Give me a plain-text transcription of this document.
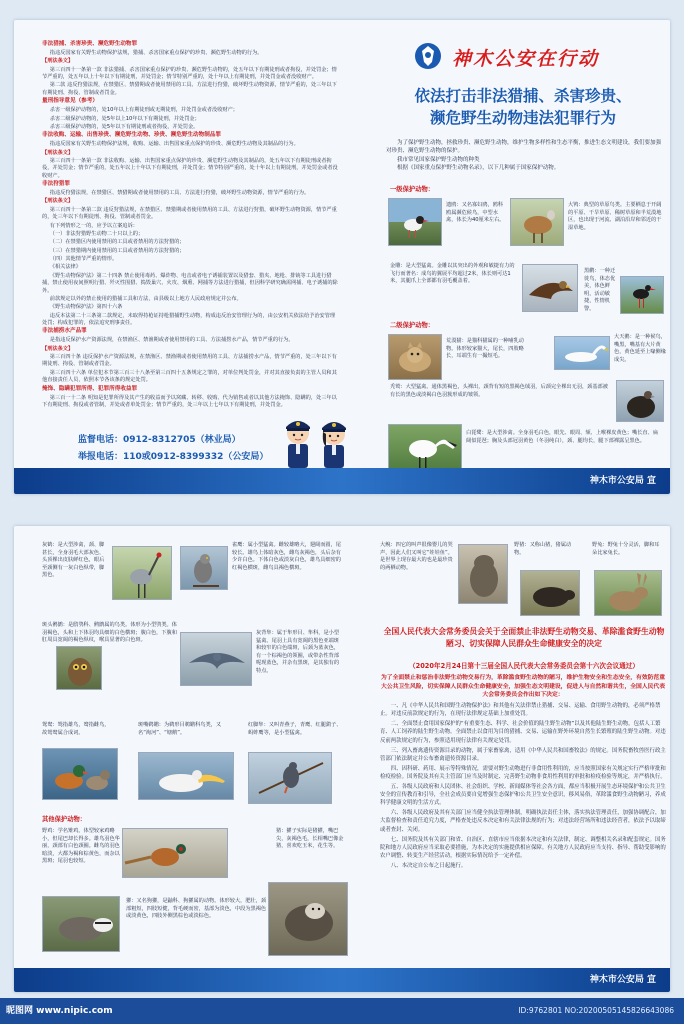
非法猎捕、杀害珍贵、濒危野生动物罪

指违反国家有关野生动物保护法规，猎捕、杀害国家重点保护的珍贵、濒危野生动物的行为。

【刑法条文】

第三百四十一条第一款 非法猎捕、杀害国家重点保护的珍贵、濒危野生动物的，处五年以下有期徒刑或者拘役，并处罚金；情节严重的，处五年以上十年以下有期徒刑，并处罚金；情节特别严重的，处十年以上有期徒刑，并处罚金或者没收财产。

第二款 违反狩猎法规，在禁猎区、禁猎期或者使用禁用的工具、方法进行狩猎，破坏野生动物资源，情节严重的，处三年以下有期徒刑、拘役、管制或者罚金。

量刑指导意见（参考）

杀害一级保护动物的，处10年以上有期徒刑或无期徒刑，并处罚金或者没收财产；

杀害二级保护动物的，处5年以上10年以下有期徒刑，并处罚金；

杀害三级保护动物的，处5年以下有期徒刑或者拘役，并处罚金。

非法收购、运输、出售珍贵、濒危野生动物、珍贵、濒危野生动物制品罪

指违反国家有关野生动物保护法规，收购、运输、出售国家重点保护的珍贵、濒危野生动物及其制品的行为。

【刑法条文】

第三百四十一条第一款 非法收购、运输、出售国家重点保护的珍贵、濒危野生动物及其制品的，处五年以下有期徒刑或者拘役，并处罚金；情节严重的，处五年以上十年以下有期徒刑，并处罚金；情节特别严重的，处十年以上有期徒刑，并处罚金或者没收财产。

非法狩猎罪

指违反狩猎法规，在禁猎区、禁猎期或者使用禁用的工具、方法进行狩猎，破坏野生动物资源，情节严重的行为。

【刑法条文】

第三百四十一条第二款 违反狩猎法规，在禁猎区、禁猎期或者使用禁用的工具、方法进行狩猎，破坏野生动物资源，情节严重的，处三年以下有期徒刑、拘役、管制或者罚金。

有下列情形之一的，应予以立案追诉：

（一）非法狩猎野生动物二十只以上的；

（二）在禁猎区内使用禁用的工具或者禁用的方法狩猎的；

（三）在禁猎期内使用禁用的工具或者禁用的方法狩猎的；

（四）其他情节严重的情形。

《相关法律》

《野生动物保护法》第二十四条 禁止使用毒药、爆炸物、电击或者电子诱捕装置以及猎套、猎夹、地枪、排铳等工具进行猎捕，禁止使用夜间照明行猎、歼灭性围猎、捣毁巢穴、火攻、烟熏、网捕等方法进行猎捕，但因科学研究确需网捕、电子诱捕的除外。

前款规定以外的禁止使用的猎捕工具和方法，由县级以上地方人民政府规定并公布。

《野生动物保护法》第四十六条

违反本法第二十三条第二款规定，未取得持枪证持枪猎捕野生动物，构成违反治安管理行为的，由公安机关依法给予治安管理处罚；构成犯罪的，依法追究刑事责任。

非法捕捞水产品罪

是指违反保护水产资源法规，在禁渔区、禁渔期或者使用禁用的工具、方法捕捞水产品，情节严重的行为。

【刑法条文】

第三百四十条 违反保护水产资源法规，在禁渔区、禁渔期或者使用禁用的工具、方法捕捞水产品，情节严重的，处三年以下有期徒刑、拘役、管制或者罚金。

第三百四十六条 单位犯本节第三百三十八条至第三百四十五条规定之罪的，对单位判处罚金，并对其直接负责的主管人员和其他直接责任人员，依照本节各该条的规定处罚。

掩饰、隐瞒犯罪所得、犯罪所得收益罪

第三百一十二条 明知是犯罪所得及其产生的收益而予以窝藏、转移、收购、代为销售或者以其他方法掩饰、隐瞒的，处三年以下有期徒刑、拘役或者管制，并处或者单处罚金；情节严重的，处三年以上七年以下有期徒刑，并处罚金。

监督电话：0912-8312705（林业局）
举报电话：110或0912-8399332（公安局）
神木公安在行动
依法打击非法猎捕、杀害珍贵、
濒危野生动物违法犯罪行为

为了保护野生动物，拯救珍贵、濒危野生动物，维护生物多样性和生态平衡，推进生态文明建设，我们要加强对珍贵、濒危野生动物的保护。

我市常见国家保护野生动物的种类

根据《国家重点保护野生动物名录》，以下几种属于国家保护动物。

一级保护动物：
遗鸥：又名寡妇鸥，鸥科鸥属濒危候鸟，中型水禽，体长为40厘米左右。
大鸨：典型的草原鸟类。主要栖息于开阔的平原、干旱草原、稀树草原和半荒漠地区，也出现于河流、湖泊沿岸和邻近的干湿草地。
金雕：是大型猛禽。金雕以其突出的外观和敏捷有力的飞行而著名：成鸟的翼展平均超过2米，体长则可达1米，其腿爪上全部都有羽毛覆盖着。
黑鹳：一种迁徙鸟，体态优美，体色鲜明，活动敏捷，性情机警。
二级保护动物：
荒漠猫：是猫科猫属的一种哺乳动物。体形较家猫大，尾长，四肢略长，耳端生有一撮短毛。
大天鹅：是一种候鸟，嘴黑，嘴基有大片黄色，黄色延至上喙侧缘成尖。
秃鹫：大型猛禽。通体黑褐色，头裸出，颈背有短的黑褐色绒羽，后颈完全裸出无羽，颈基部被有长的黑色或淡褐白色羽簇形成的皱领。
白琵鹭：是大型涉禽。全身羽毛白色，眼先、眼周、颏、上喉裸皮黄色；嘴长直、扁阔似琵琶；胸及头部冠羽黄色（冬羽纯白），颈、腿均长，腿下部裸露呈黑色。
神木市公安局 宣
灰鹤：是大型涉禽，颈、脚甚长，全身羽毛大部灰色，头顶裸出皮肤鲜红色，眼后至颈侧有一灰白色纵带，脚黑色。
雀鹰：属小型猛禽。雌较雄略大，翅阔而圆，尾较长。雄鸟上体暗灰色，雌鸟灰褐色，头后杂有少许白色。下体白色或淡灰白色，雄鸟具细密的红褐色横斑，雌鸟具褐色横斑。
斑头鸺鹠：是鸱鸮科、鸺鹠属的鸟类。体形为小型鸮类。体羽褐色，头和上下体羽均具细的白色横斑；腹白色，下腹和肛周具宽阔的褐色纵纹，喉具显著的白色斑。
灰背隼：属于隼形目、隼科，是小型猛禽。尾羽上具有宽阔的黑色亚端斑和较窄的白色端斑，后颈为蓝灰色，有一个棕褐色的领圈，或带杂性背部呢现蓝色，并杂有黑斑，是其独有的特点。
鸳鸯：鸳指雄鸟，鸯指雌鸟，故鸳鸯属合成词。
斑嘴鹈鹕：为鹈形目鹈鹕科鸟类，又名“淘河”、“塘鹅”。
红脚隼：又叫青燕子，青鹰、红腿鹞子、蚂蚱鹰等，是小型猛禽。
其他保护动物：
野鸡：学名雉鸡。体型较家鸡略小，但尾巴却长得多。雄鸟羽色华丽，颈部有白色颈圈。雌鸟的羽色暗淡，大都为褐和棕黄色，而杂以黑斑；尾羽也较短。
獾：又名狗獾，是鼬科、狗獾属的动物。体形较大，肥壮，颈部粗短，四肢短健，背毛硬而密，基部为淡色，中段为黑褐色或淡黄色，四肢外侧黑棕色或淡棕色。
猪：獾子实际是猪獾，嘴巴尖，灰褐色毛，长相嘴巴像金猪，喜欢吃玉米，花生等。
大鲵：四它的叫声很像婴儿的哭声，因此人们又叫它“娃娃鱼”。是世界上现存最大的也是最珍贵的两栖动物。
野猪：又称山猪，猪属动物。
野兔：野兔十分灵活，脚和耳朵比家兔长。
全国人民代表大会常务委员会关于全面禁止非法野生动物交易、革除滥食野生动物陋习、切实保障人民群众生命健康安全的决定
（2020年2月24日第十三届全国人民代表大会常务委员会第十六次会议通过）

为了全面禁止和惩治非法野生动物交易行为，革除滥食野生动物的陋习，维护生物安全和生态安全，有效防范重大公共卫生风险，切实保障人民群众生命健康安全，加强生态文明建设，促进人与自然和谐共生，全国人民代表大会常务委员会作出如下决定：

一、凡《中华人民共和国野生动物保护法》和其他有关法律禁止猎捕、交易、运输、食用野生动物的，必须严格禁止。对违反前款规定的行为，在现行法律规定基础上加重处罚。

二、全面禁止食用国家保护的“有重要生态、科学、社会价值的陆生野生动物”以及其他陆生野生动物，包括人工繁育、人工饲养的陆生野生动物。全面禁止以食用为目的猎捕、交易、运输在野外环境自然生长繁殖的陆生野生动物。对违反前两款规定的行为，参照适用现行法律有关规定处罚。

三、列入畜禽遗传资源目录的动物，属于家畜家禽，适用《中华人民共和国畜牧法》的规定。国务院畜牧兽医行政主管部门依法制定并公布畜禽遗传资源目录。

四、因科研、药用、展示等特殊情况，需要对野生动物进行非食用性利用的，应当按照国家有关规定实行严格审批和检疫检验。国务院及其有关主管部门应当及时制定、完善野生动物非食用性利用的审批和检疫检验等规定，并严格执行。

五、各级人民政府和人民团体、社会组织、学校、新闻媒体等社会各方面，都应当积极开展生态环境保护和公共卫生安全的宣传教育和引导，全社会成员要自觉增强生态保护和公共卫生安全意识，移风易俗，革除滥食野生动物陋习，养成科学健康文明的生活方式。

六、各级人民政府及其有关部门应当健全执法管理体制，明确执法责任主体，落实执法管理责任，加强协调配合，加大监督检查和责任追究力度，严格查处违反本决定和有关法律法规的行为；对违法经营场所和违法经营者，依法予以取缔或者查封、关闭。

七、国务院及其有关部门和省、自治区、直辖市应当依据本决定和有关法律，制定、调整相关名录和配套规定。国务院和地方人民政府应当采取必要措施，为本决定的实施提供相应保障。有关地方人民政府应当支持、指导、帮助受影响的农户调整、转变生产经营活动，根据实际情况给予一定补偿。

八、本决定自公布之日起施行。

神木市公安局 宣
昵图网 www.nipic.com	ID:9762801 NO:20200505145826643086
